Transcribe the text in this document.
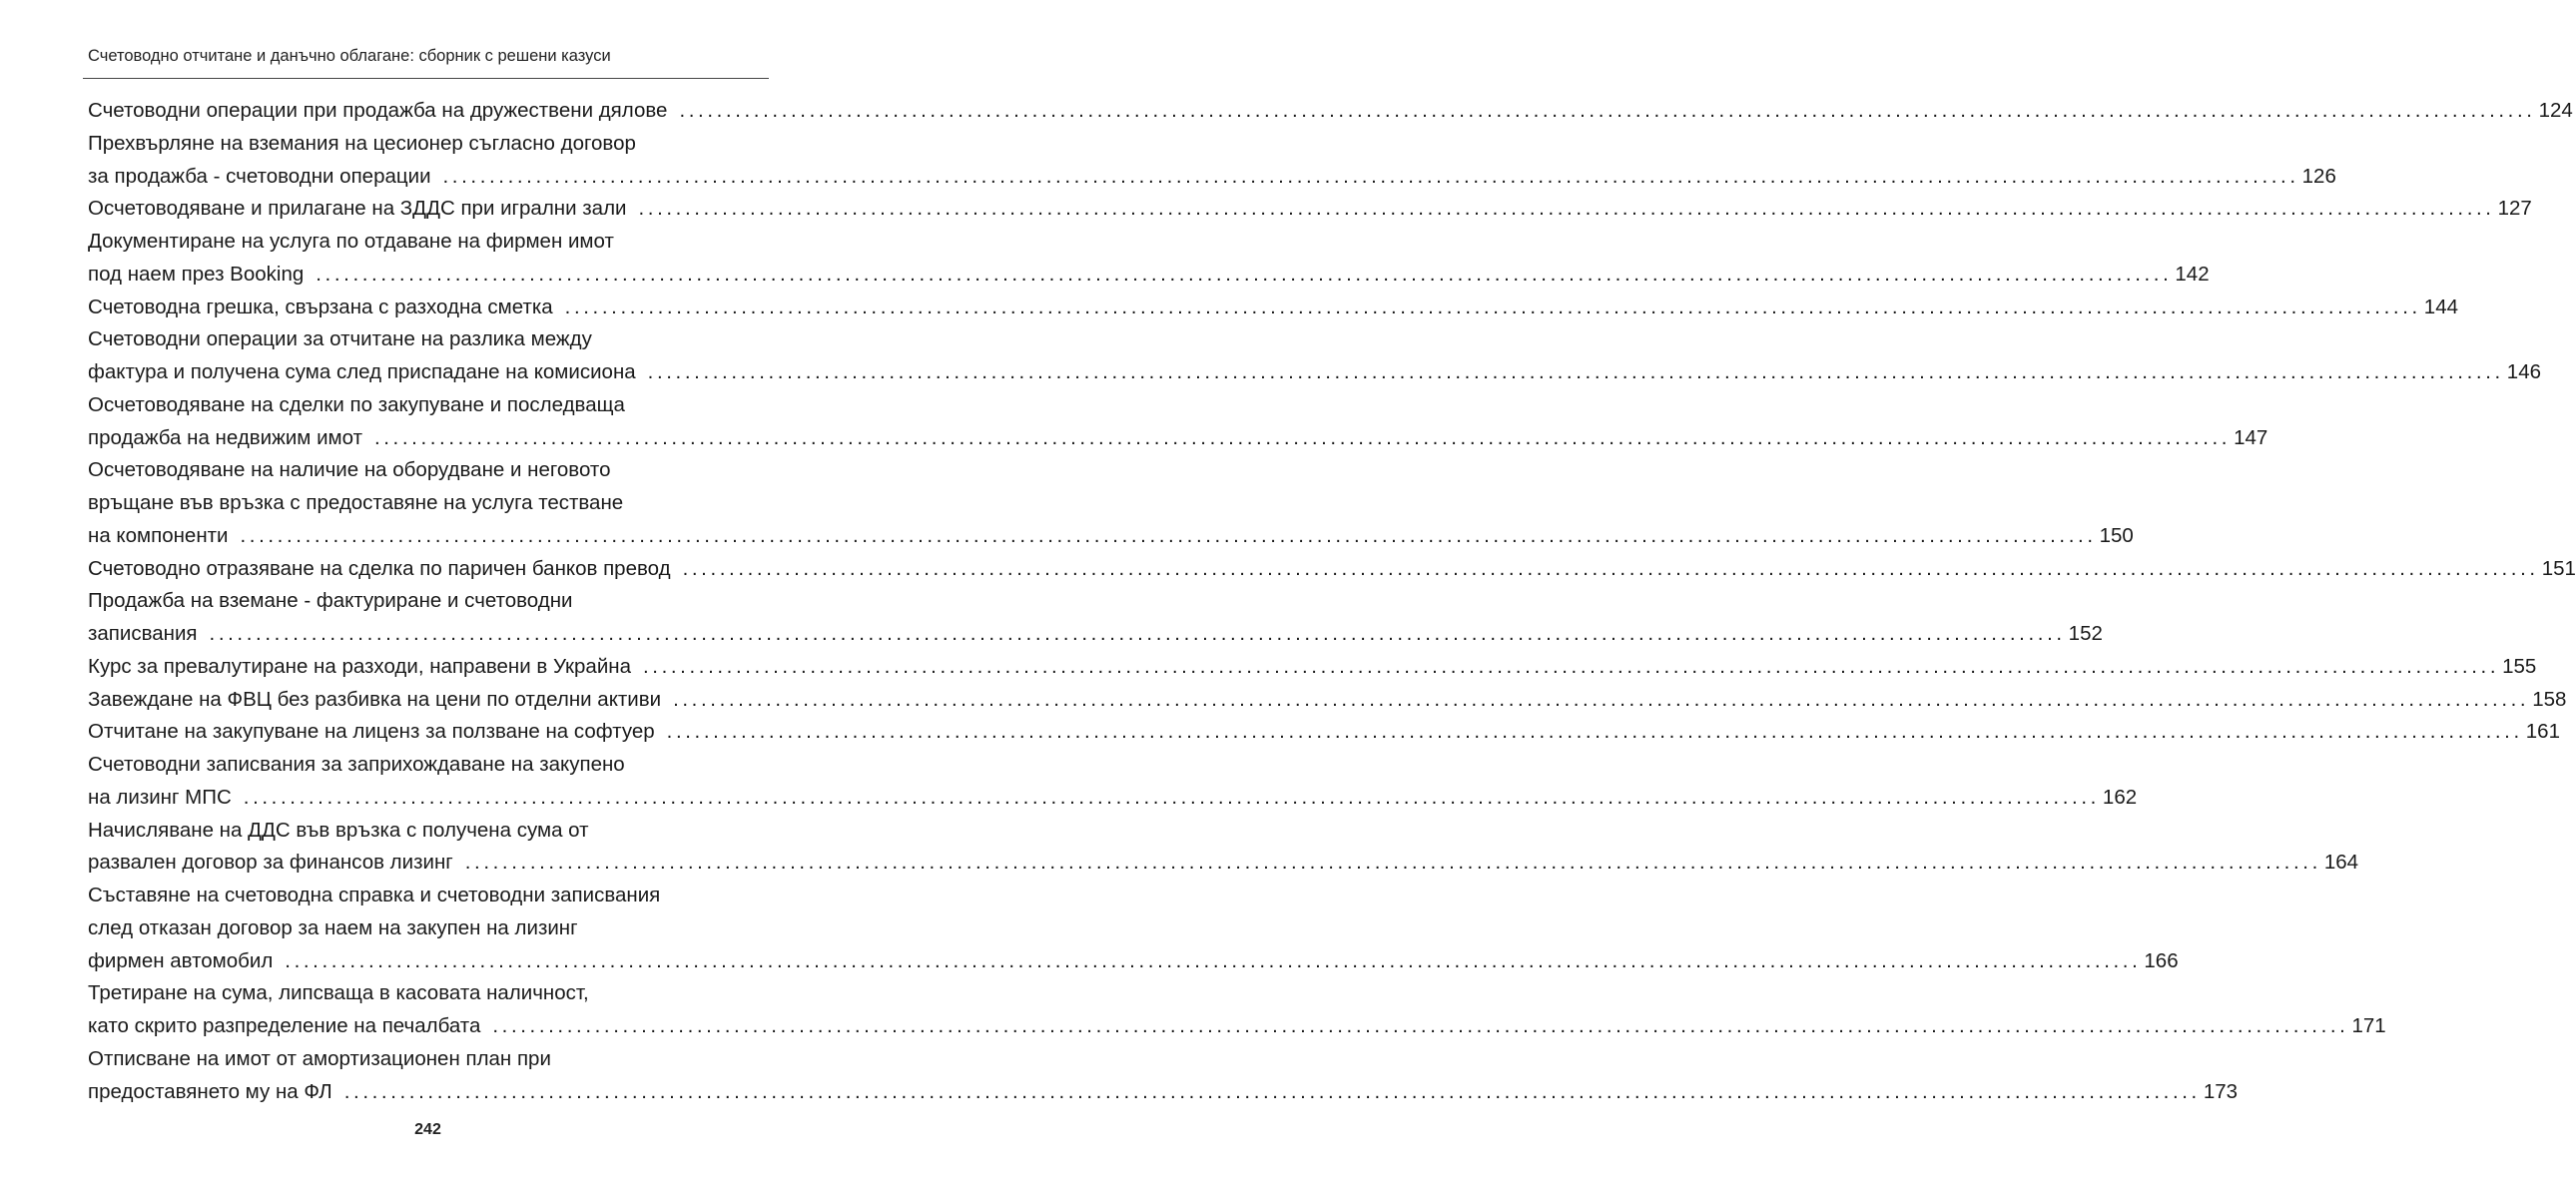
Счетоводно отчитане и данъчно облагане: сборник с решени казуси
Счетоводни операции при продажба на дружествени дялове ........................................................................................................................................................................................................ 124
Прехвърляне на вземания на цесионер съгласно договор
за продажба - счетоводни операции ........................................................................................................................................................................................................ 126
Осчетоводяване и прилагане на ЗДДС при игрални зали ........................................................................................................................................................................................................ 127
Документиране на услуга по отдаване на фирмен имот
под наем през Booking ........................................................................................................................................................................................................ 142
Счетоводна грешка, свързана с разходна сметка ........................................................................................................................................................................................................ 144
Счетоводни операции за отчитане на разлика между
фактура и получена сума след приспадане на комисиона ........................................................................................................................................................................................................ 146
Осчетоводяване на сделки по закупуване и последваща
продажба на недвижим имот ........................................................................................................................................................................................................ 147
Осчетоводяване на наличие на оборудване и неговото
връщане във връзка с предоставяне на услуга тестване
на компоненти ........................................................................................................................................................................................................ 150
Счетоводно отразяване на сделка по паричен банков превод ........................................................................................................................................................................................................ 151
Продажба на вземане - фактуриране и счетоводни
записвания ........................................................................................................................................................................................................ 152
Курс за превалутиране на разходи, направени в Украйна ........................................................................................................................................................................................................ 155
Завеждане на ФВЦ без разбивка на цени по отделни активи ........................................................................................................................................................................................................ 158
Отчитане на закупуване на лиценз за ползване на софтуер ........................................................................................................................................................................................................ 161
Счетоводни записвания за заприхождаване на закупено
на лизинг МПС ........................................................................................................................................................................................................ 162
Начисляване на ДДС във връзка с получена сума от
развален договор за финансов лизинг ........................................................................................................................................................................................................ 164
Съставяне на счетоводна справка и счетоводни записвания
след отказан договор за наем на закупен на лизинг
фирмен автомобил ........................................................................................................................................................................................................ 166
Третиране на сума, липсваща в касовата наличност,
като скрито разпределение на печалбата ........................................................................................................................................................................................................ 171
Отписване на имот от амортизационен план при
предоставянето му на ФЛ ........................................................................................................................................................................................................ 173
242
